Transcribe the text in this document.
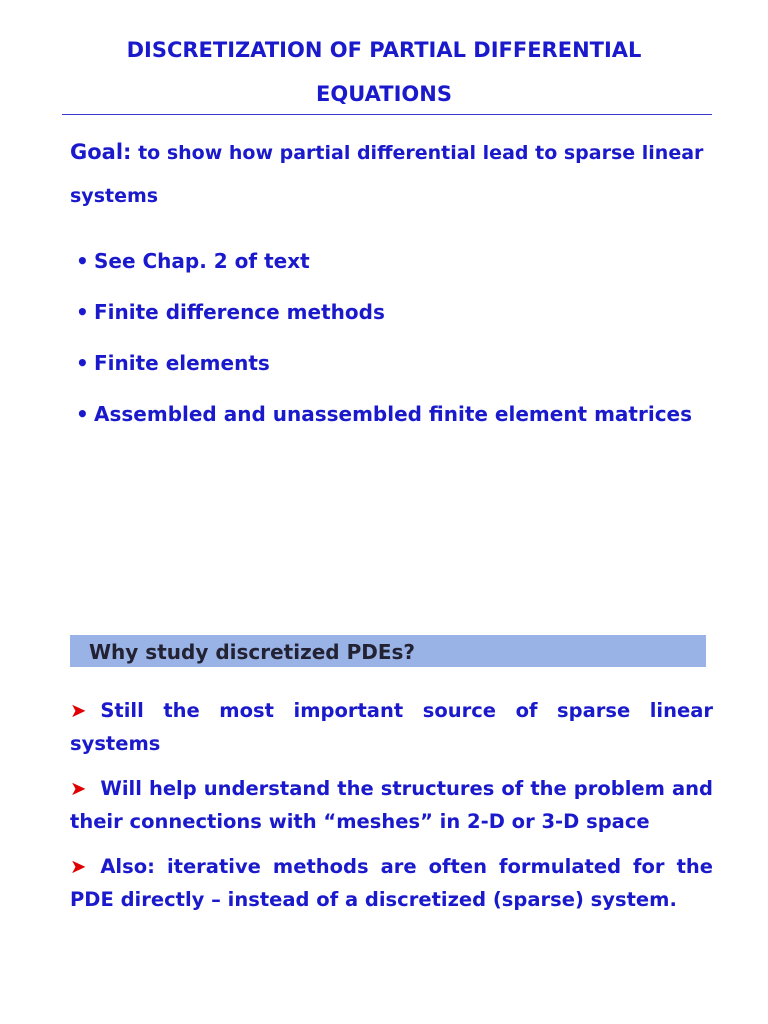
DISCRETIZATION OF PARTIAL DIFFERENTIAL
EQUATIONS

Goal: to show how partial differential lead to sparse linear systems

• See Chap. 2 of text
• Finite difference methods
• Finite elements
• Assembled and unassembled finite element matrices
Why study discretized PDEs?
➤ Still the most important source of sparse linear systems
➤ Will help understand the structures of the problem and their connections with “meshes” in 2-D or 3-D space
➤ Also: iterative methods are often formulated for the PDE directly – instead of a discretized (sparse) system.
